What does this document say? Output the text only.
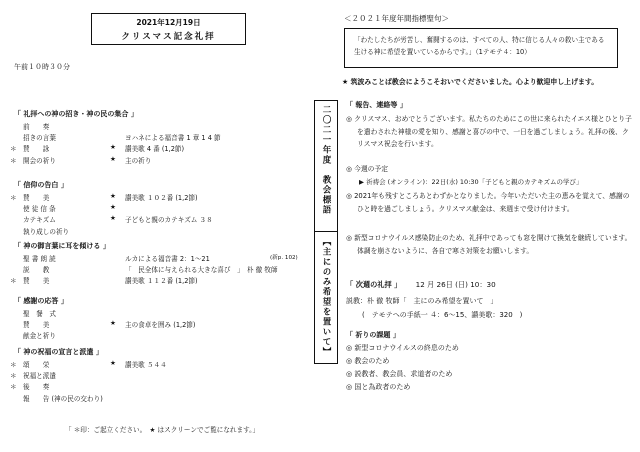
2021年12月19日
クリスマス記念礼拝
午前１０時３０分
「 礼拝への神の招き・神の民の集合 」
前　　奏
招きの言葉	ヨハネによる福音書 1 章 1 4 節
＊ 賛　　詠	★ 讃美歌 4 番 (1,2節)
＊ 開会の祈り	★ 主の祈り
「 信仰の告白 」
＊ 賛　　美	★ 讃美歌 １０２番 (1,2節)
使 徒 信 条	★
カテキズム	★ 子どもと親のカテキズム ３８
執り成しの祈り
「 神の御言葉に耳を傾ける 」
聖 書 朗 読	ルカによる福音書 2：1～21	(新p. 102)
説　　教	「　民全体に与えられる大きな喜び　」　朴 徹 牧師
＊ 賛　　美	讃美歌 １１２番 (1,2節)
「 感謝の応答 」
聖　餐　式
賛　　美	★ 主の食卓を囲み (1,2節)
献金と祈り
「 神の祝福の宣言と派遣 」
＊ 頌　　栄	★ 讃美歌 ５４４
＊ 祝福と派遣
＊ 後　　奏
報　　告 (神の民の交わり)
「 ＊印：ご起立ください。　★ はスクリーンでご覧になれます。」
二〇二一年度　教会標語
【主にのみ希望を置いて】
＜２０２１年度年間指標聖句＞
「わたしたちが労苦し、奮闘するのは、すべての人、特に信じる人々の救い主である生ける神に希望を置いているからです。」（1テモテ４：10）
★ 筑波みことば教会にようこそおいでくださいました。心より歓迎申し上げます。
「 報告、連絡等 」
◎ クリスマス、おめでとうございます。私たちのためにこの世に来られたイエス様とひとり子を遣わされた神様の愛を知り、感謝と喜びの中で、一日を過ごしましょう。礼拝の後、クリスマス祝会を行います。
◎ 今週の予定
▶ 祈祷会 (オンライン)：22日(水) 10:30「子どもと親のカテキズムの学び」
◎ 2021年も残すところあとわずかとなりました。今年いただいた主の恵みを覚えて、感謝のひと時を過ごしましょう。クリスマス献金は、来週まで受け付けます。
◎ 新型コロナウイルス感染防止のため、礼拝中であっても窓を開けて換気を継続しています。体調を崩さないように、各自で寒さ対策をお願いします。
「 次週の礼拝 」 12 月 26日 (日) 10：30
説教：朴 徹 牧師「　主にのみ希望を置いて　」
(　テモテへの手紙一 ４：6～15、讃美歌：320　)
「 祈りの課題 」
◎ 新型コロナウイルスの終息のため
◎ 教会のため
◎ 説教者、教会員、求道者のため
◎ 国と為政者のため
